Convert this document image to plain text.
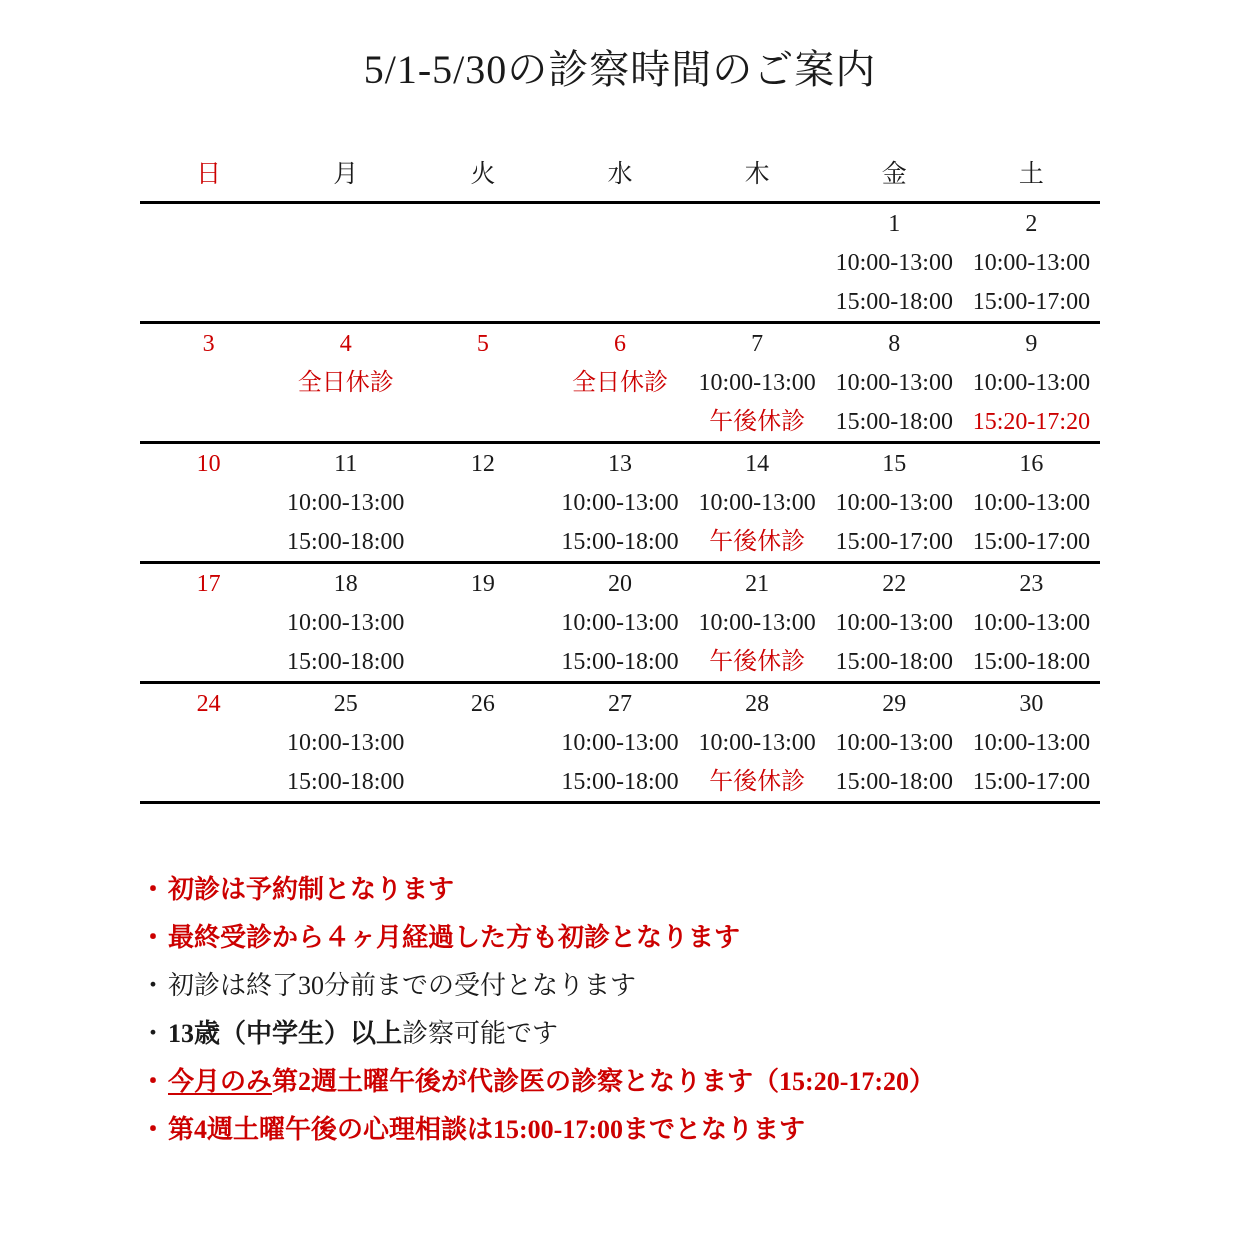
5/1-5/30の診察時間のご案内
日	月	火	水	木	金	土
					1	2
					10:00-13:00	10:00-13:00
					15:00-18:00	15:00-17:00
3	4	5	6	7	8	9
	全日休診		全日休診	10:00-13:00	10:00-13:00	10:00-13:00
				午後休診	15:00-18:00	15:20-17:20
10	11	12	13	14	15	16
	10:00-13:00		10:00-13:00	10:00-13:00	10:00-13:00	10:00-13:00
	15:00-18:00		15:00-18:00	午後休診	15:00-17:00	15:00-17:00
17	18	19	20	21	22	23
	10:00-13:00		10:00-13:00	10:00-13:00	10:00-13:00	10:00-13:00
	15:00-18:00		15:00-18:00	午後休診	15:00-18:00	15:00-18:00
24	25	26	27	28	29	30
	10:00-13:00		10:00-13:00	10:00-13:00	10:00-13:00	10:00-13:00
	15:00-18:00		15:00-18:00	午後休診	15:00-18:00	15:00-17:00

・初診は予約制となります
・最終受診から４ヶ月経過した方も初診となります
・初診は終了30分前までの受付となります
・13歳（中学生）以上診察可能です
・今月のみ第2週土曜午後が代診医の診察となります（15:20-17:20）
・第4週土曜午後の心理相談は15:00-17:00までとなります
